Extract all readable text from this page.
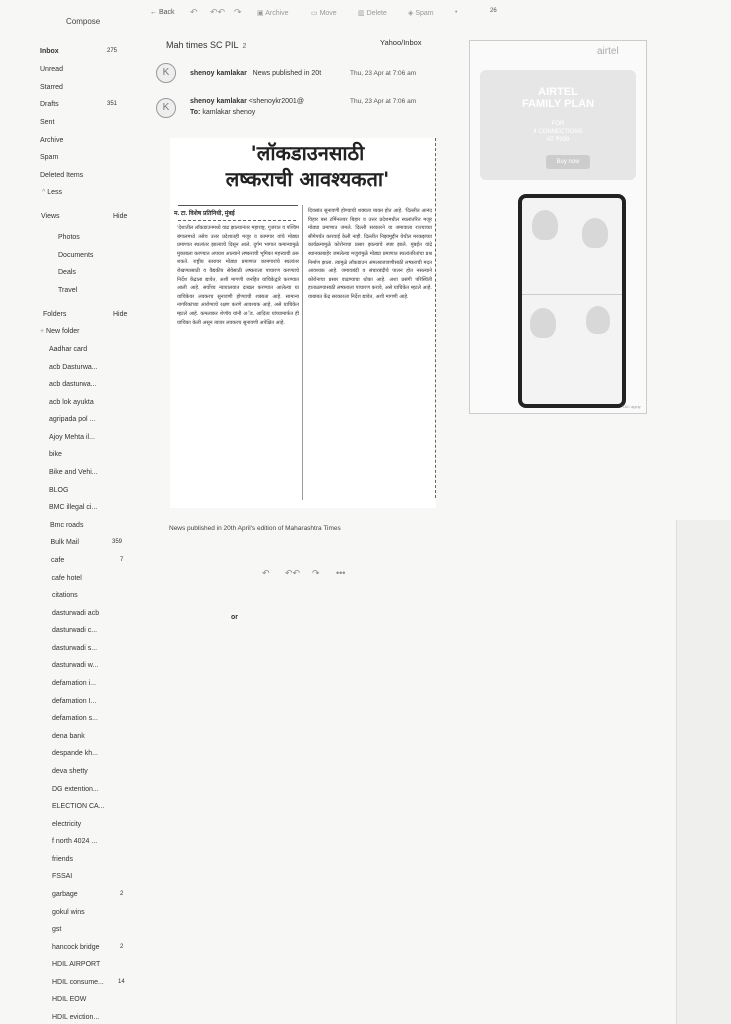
Compose
Inbox	275
Unread
Starred
Drafts	351
Sent
Archive
Spam
Deleted Items
^ Less
Views	Hide
Photos
Documents
Deals
Travel
Folders	Hide
+ New folder
Aadhar card
acb Dasturwa...
acb dasturwa...
acb lok ayukta
agripada pol ...
Ajoy Mehta il...
bike
Bike and Vehi...
BLOG
BMC illegal ci...
Bmc roads
Bulk Mail	359
cafe	7
cafe hotel
citations
dasturwadi acb
dasturwadi c...
dasturwadi s...
dasturwadi w...
defamation i...
defamation I...
defamation s...
dena bank
despande kh...
deva shetty
DG extention...
ELECTION CA...
electricity
f north 4024 ...
friends
FSSAI
garbage	2
gokul wins
gst
hancock bridge	2
HDIL AIRPORT
HDIL consume... 14
HDIL EOW
HDIL eviction...
← Back ↶ ↶↶ ↷ ▣ Archive	▭ Move	▥ Delete	◈ Spam	•	26
Mah times SC PIL 2	Yahoo/Inbox
K	shenoy kamlakar News published in 20t	Thu, 23 Apr at 7:06 am
K
shenoy kamlakar <shenoykr2001@
To: kamlakar shenoy
Thu, 23 Apr at 7:06 am
'लॉकडाउनसाठी
लष्कराची आवश्यकता'
म. टा. विशेष प्रतिनिधी, मुंबई
'देशातील लॉकडाउनमध्ये वाढ झाल्यानंतर महाराष्ट्र, गुजरात व पश्चिम बंगालमध्ये तसेच उत्तर प्रदेशातही मजूर व कामगार यांचे मोठ्या प्रमाणात स्थलांतर झाल्याचे दिसून आले. दुर्गम भागात कमान्यामुळे मुकाबला करण्यात अपयश आल्याने लष्कराची भूमिका महत्त्वाची ठरू शकते. राष्ट्रीय स्तरावर मोठ्या प्रमाणात कामगारांचे स्थलांतर रोखण्यासाठी व वैद्यकीय सेवेसाठी लष्कराला पाचारण करण्याचे निर्देश केंद्राला द्यावेत, अशी मागणी जनहित याचिकेद्वारे करण्यात आली आहे. सर्वोच्च न्यायालयात दाखल करण्यात आलेल्या या याचिकेवर लवकरच सुनावणी होण्याची शक्यता आहे. सामान्य नागरिकांच्या आरोग्याचे रक्षण करणे आवश्यक आहे, असे याचिकेत म्हटले आहे. कमलाकर शेणॉय यांनी अॅड. आदित्य यांच्यामार्फत ही याचिका केली असून त्यावर लवकरच सुनावणी अपेक्षित आहे.
दिवसांत सुनावणी होण्याची शक्यता व्यक्त होत आहे. 'दिल्लीत आनंद विहार बस टर्मिनलवर बिहार व उत्तर प्रदेशमधील स्थलांतरित मजूर मोठ्या प्रमाणात जमले. दिल्ली सरकारने या जमावाला राज्याच्या सीमेपर्यंत कारवाई केली नाही. दिल्लीत निझामुद्दीन येथील मरकझच्या कार्यक्रमामुळे कोरोनाचा प्रसार झाल्याचे स्पष्ट झाले. मुंबईत वांद्रे स्थानकाबाहेर जमलेल्या मजुरांमुळे मोठ्या प्रमाणात स्थलांतरितांचा प्रश्न निर्माण झाला. त्यामुळे लॉकडाउन अंमलबजावणीसाठी लष्कराची मदत आवश्यक आहे. जमावबंदी व संचारबंदीचे पालन होत नसल्याने कोरोनाचा प्रसार वाढण्याचा धोका आहे. अशा प्रसंगी परिस्थिती हाताळण्यासाठी लष्कराला पाचारण करावे, असे याचिकेत म्हटले आहे. याबाबत केंद्र सरकारला निर्देश द्यावेत, अशी मागणी आहे.
News published in 20th April's edition of Maharashtra Times
↶ ↶↶ ↷ •••
or
airtel
AIRTEL
FAMILY PLAN
FOR
4 CONNECTIONS
AT ₹999
Buy now
T&C apply
